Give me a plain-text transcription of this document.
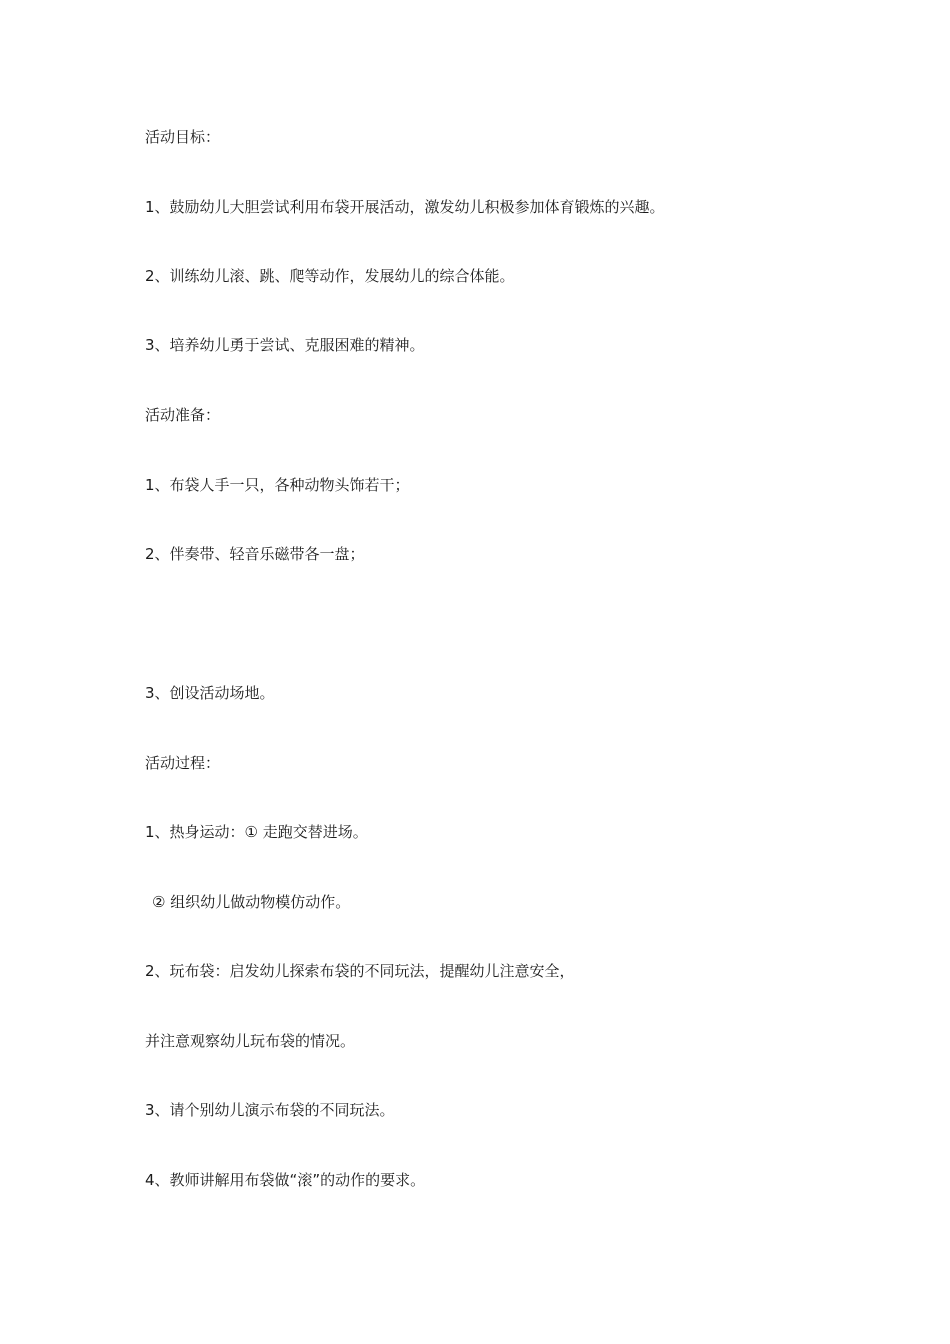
活动目标：
1、鼓励幼儿大胆尝试利用布袋开展活动，激发幼儿积极参加体育锻炼的兴趣。
2、训练幼儿滚、跳、爬等动作，发展幼儿的综合体能。
3、培养幼儿勇于尝试、克服困难的精神。
活动准备：
1、布袋人手一只，各种动物头饰若干；
2、伴奏带、轻音乐磁带各一盘；
3、创设活动场地。
活动过程：
1、热身运动：① 走跑交替进场。
② 组织幼儿做动物模仿动作。
2、玩布袋：启发幼儿探索布袋的不同玩法，提醒幼儿注意安全，
并注意观察幼儿玩布袋的情况。
3、请个别幼儿演示布袋的不同玩法。
4、教师讲解用布袋做“滚”的动作的要求。
